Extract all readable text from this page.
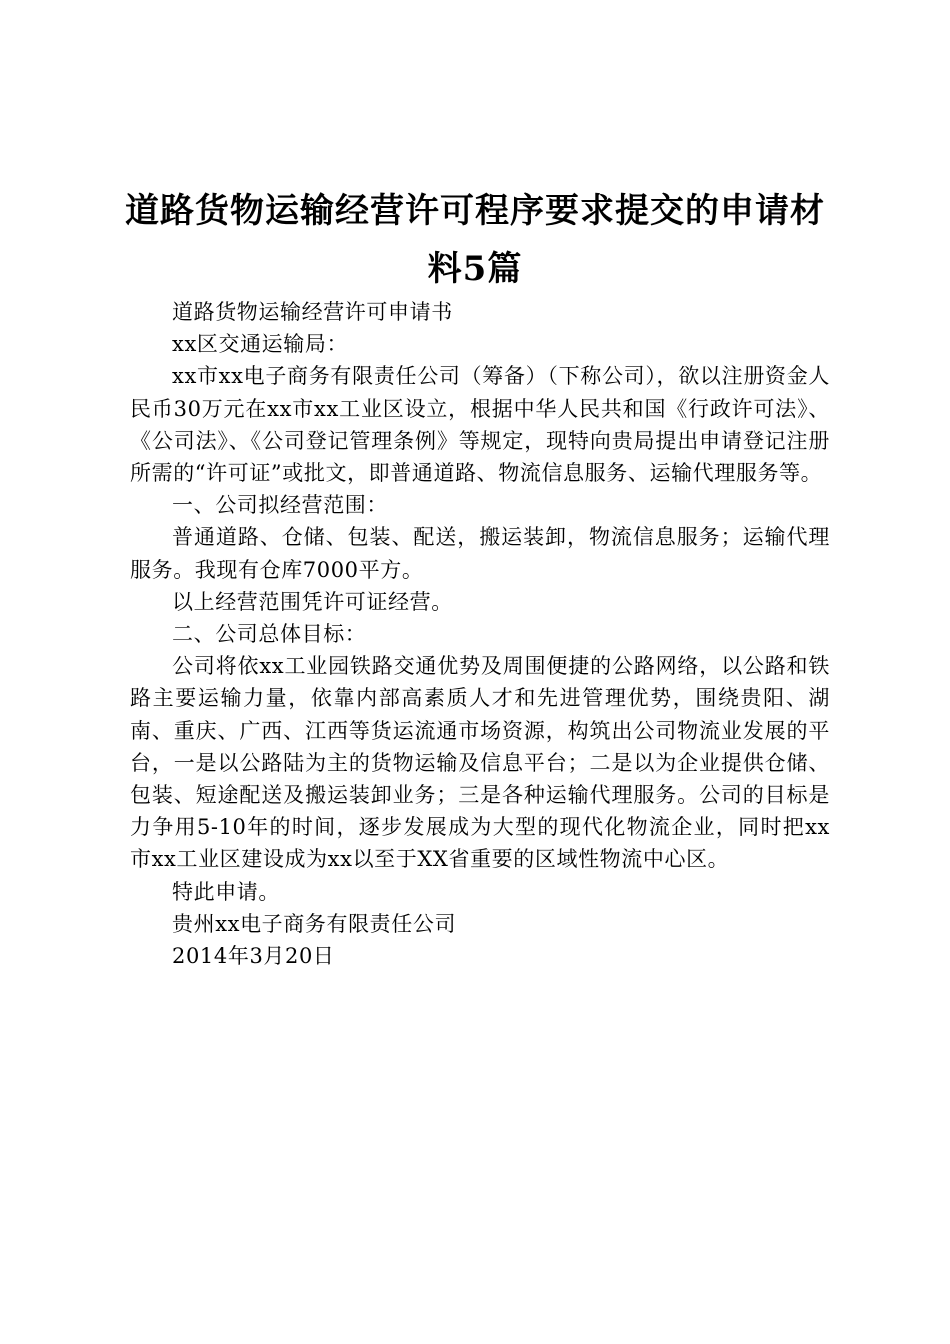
道路货物运输经营许可程序要求提交的申请材
料5篇

道路货物运输经营许可申请书

xx区交通运输局：

xx市xx电子商务有限责任公司（筹备）（下称公司），欲以注册资金人民币30万元在xx市xx工业区设立，根据中华人民共和国《行政许可法》、《公司法》、《公司登记管理条例》等规定，现特向贵局提出申请登记注册所需的“许可证”或批文，即普通道路、物流信息服务、运输代理服务等。

一、公司拟经营范围：

普通道路、仓储、包装、配送，搬运装卸，物流信息服务；运输代理服务。我现有仓库7000平方。

以上经营范围凭许可证经营。

二、公司总体目标：

公司将依xx工业园铁路交通优势及周围便捷的公路网络，以公路和铁路主要运输力量，依靠内部高素质人才和先进管理优势，围绕贵阳、湖南、重庆、广西、江西等货运流通市场资源，构筑出公司物流业发展的平台，一是以公路陆为主的货物运输及信息平台；二是以为企业提供仓储、包装、短途配送及搬运装卸业务；三是各种运输代理服务。公司的目标是力争用5-10年的时间，逐步发展成为大型的现代化物流企业，同时把xx市xx工业区建设成为xx以至于XX省重要的区域性物流中心区。

特此申请。

贵州xx电子商务有限责任公司

2014年3月20日
